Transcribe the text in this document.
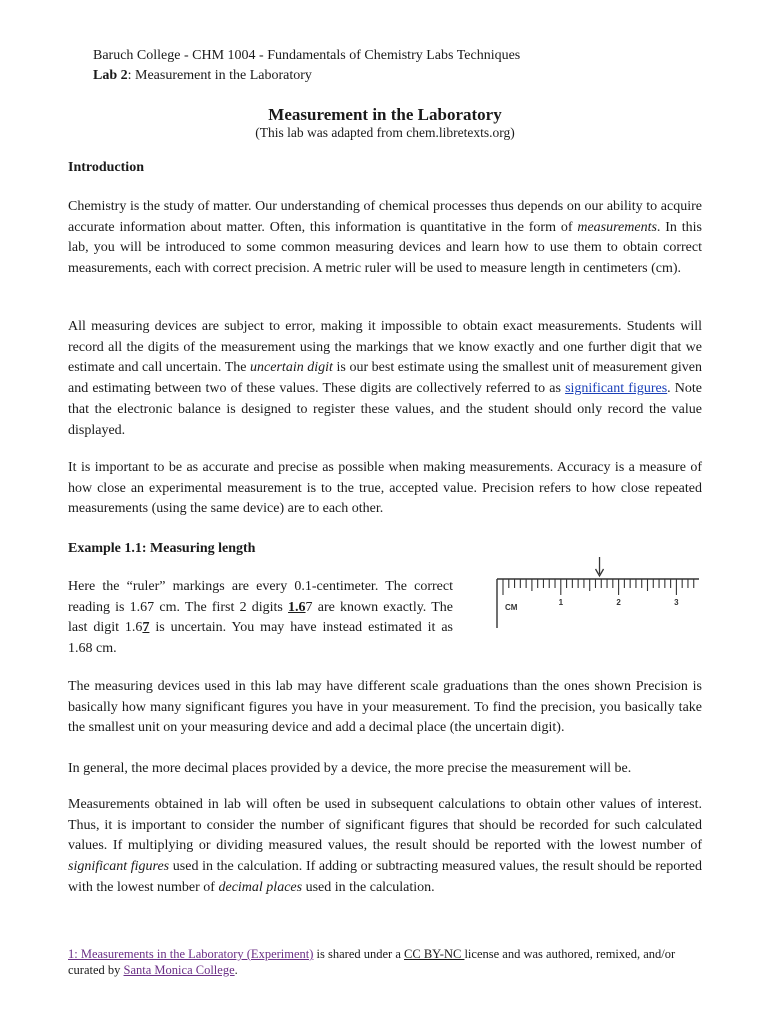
Baruch College - CHM 1004 - Fundamentals of Chemistry Labs Techniques
Lab 2: Measurement in the Laboratory
Measurement in the Laboratory
(This lab was adapted from chem.libretexts.org)
Introduction
Chemistry is the study of matter. Our understanding of chemical processes thus depends on our ability to acquire accurate information about matter. Often, this information is quantitative in the form of measurements. In this lab, you will be introduced to some common measuring devices and learn how to use them to obtain correct measurements, each with correct precision. A metric ruler will be used to measure length in centimeters (cm).
All measuring devices are subject to error, making it impossible to obtain exact measurements. Students will record all the digits of the measurement using the markings that we know exactly and one further digit that we estimate and call uncertain. The uncertain digit is our best estimate using the smallest unit of measurement given and estimating between two of these values. These digits are collectively referred to as significant figures. Note that the electronic balance is designed to register these values, and the student should only record the value displayed.
It is important to be as accurate and precise as possible when making measurements. Accuracy is a measure of how close an experimental measurement is to the true, accepted value. Precision refers to how close repeated measurements (using the same device) are to each other.
Example 1.1: Measuring length
Here the “ruler” markings are every 0.1-centimeter. The correct reading is 1.67 cm. The first 2 digits 1.67 are known exactly. The last digit 1.67 is uncertain. You may have instead estimated it as 1.68 cm.
CM
1	2	3
The measuring devices used in this lab may have different scale graduations than the ones shown Precision is basically how many significant figures you have in your measurement. To find the precision, you basically take the smallest unit on your measuring device and add a decimal place (the uncertain digit).
In general, the more decimal places provided by a device, the more precise the measurement will be.
Measurements obtained in lab will often be used in subsequent calculations to obtain other values of interest. Thus, it is important to consider the number of significant figures that should be recorded for such calculated values. If multiplying or dividing measured values, the result should be reported with the lowest number of significant figures used in the calculation. If adding or subtracting measured values, the result should be reported with the lowest number of decimal places used in the calculation.
1: Measurements in the Laboratory (Experiment) is shared under a CC BY-NC license and was authored, remixed, and/or curated by Santa Monica College.
